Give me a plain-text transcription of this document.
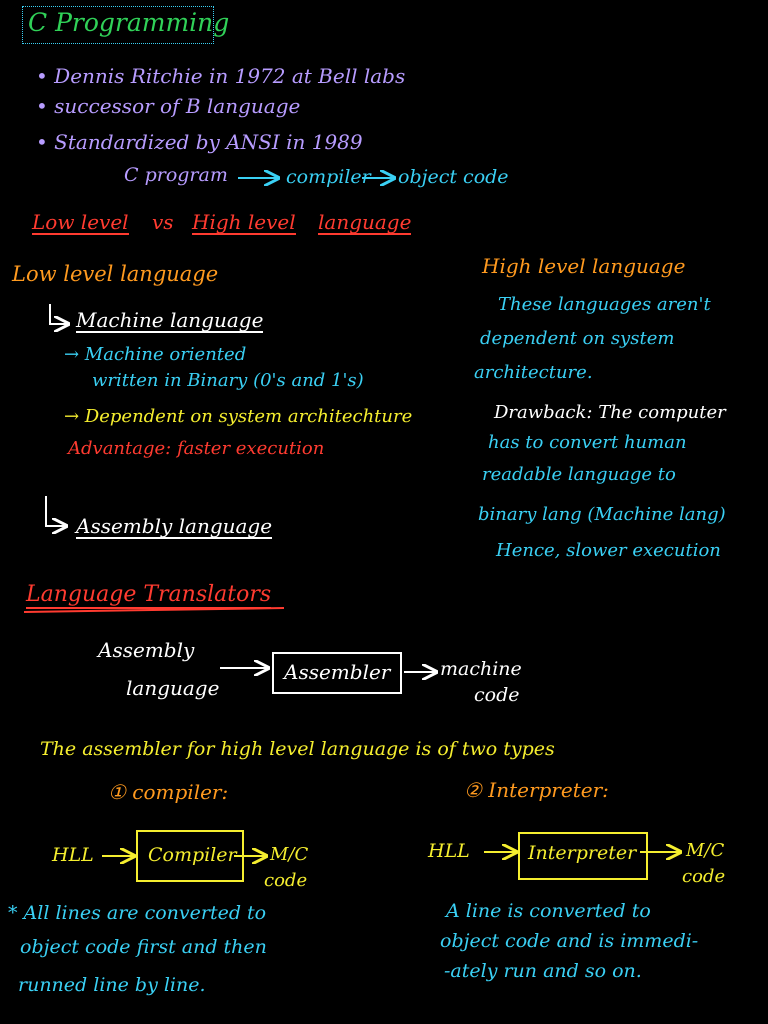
C Programming
• Dennis Ritchie in 1972 at Bell labs
• successor of B language
• Standardized by ANSI in 1989
C program	compiler object code
Low level vs High level language
Low level language
Machine language
→ Machine oriented
written in Binary (0's and 1's)
→ Dependent on system architechture
Advantage: faster execution
Assembly language
High level language
These languages aren't
dependent on system
architecture.
Drawback: The computer
has to convert human
readable language to
binary lang (Machine lang)
Hence, slower execution
Language Translators
Assembly
language
Assembler	machine
code
The assembler for high level language is of two types
① compiler:	② Interpreter:
HLL	Compiler M/C
code
HLL	Interpreter	M/C
code
* All lines are converted to
object code first and then
runned line by line.
A line is converted to
object code and is immedi-
-ately run and so on.
